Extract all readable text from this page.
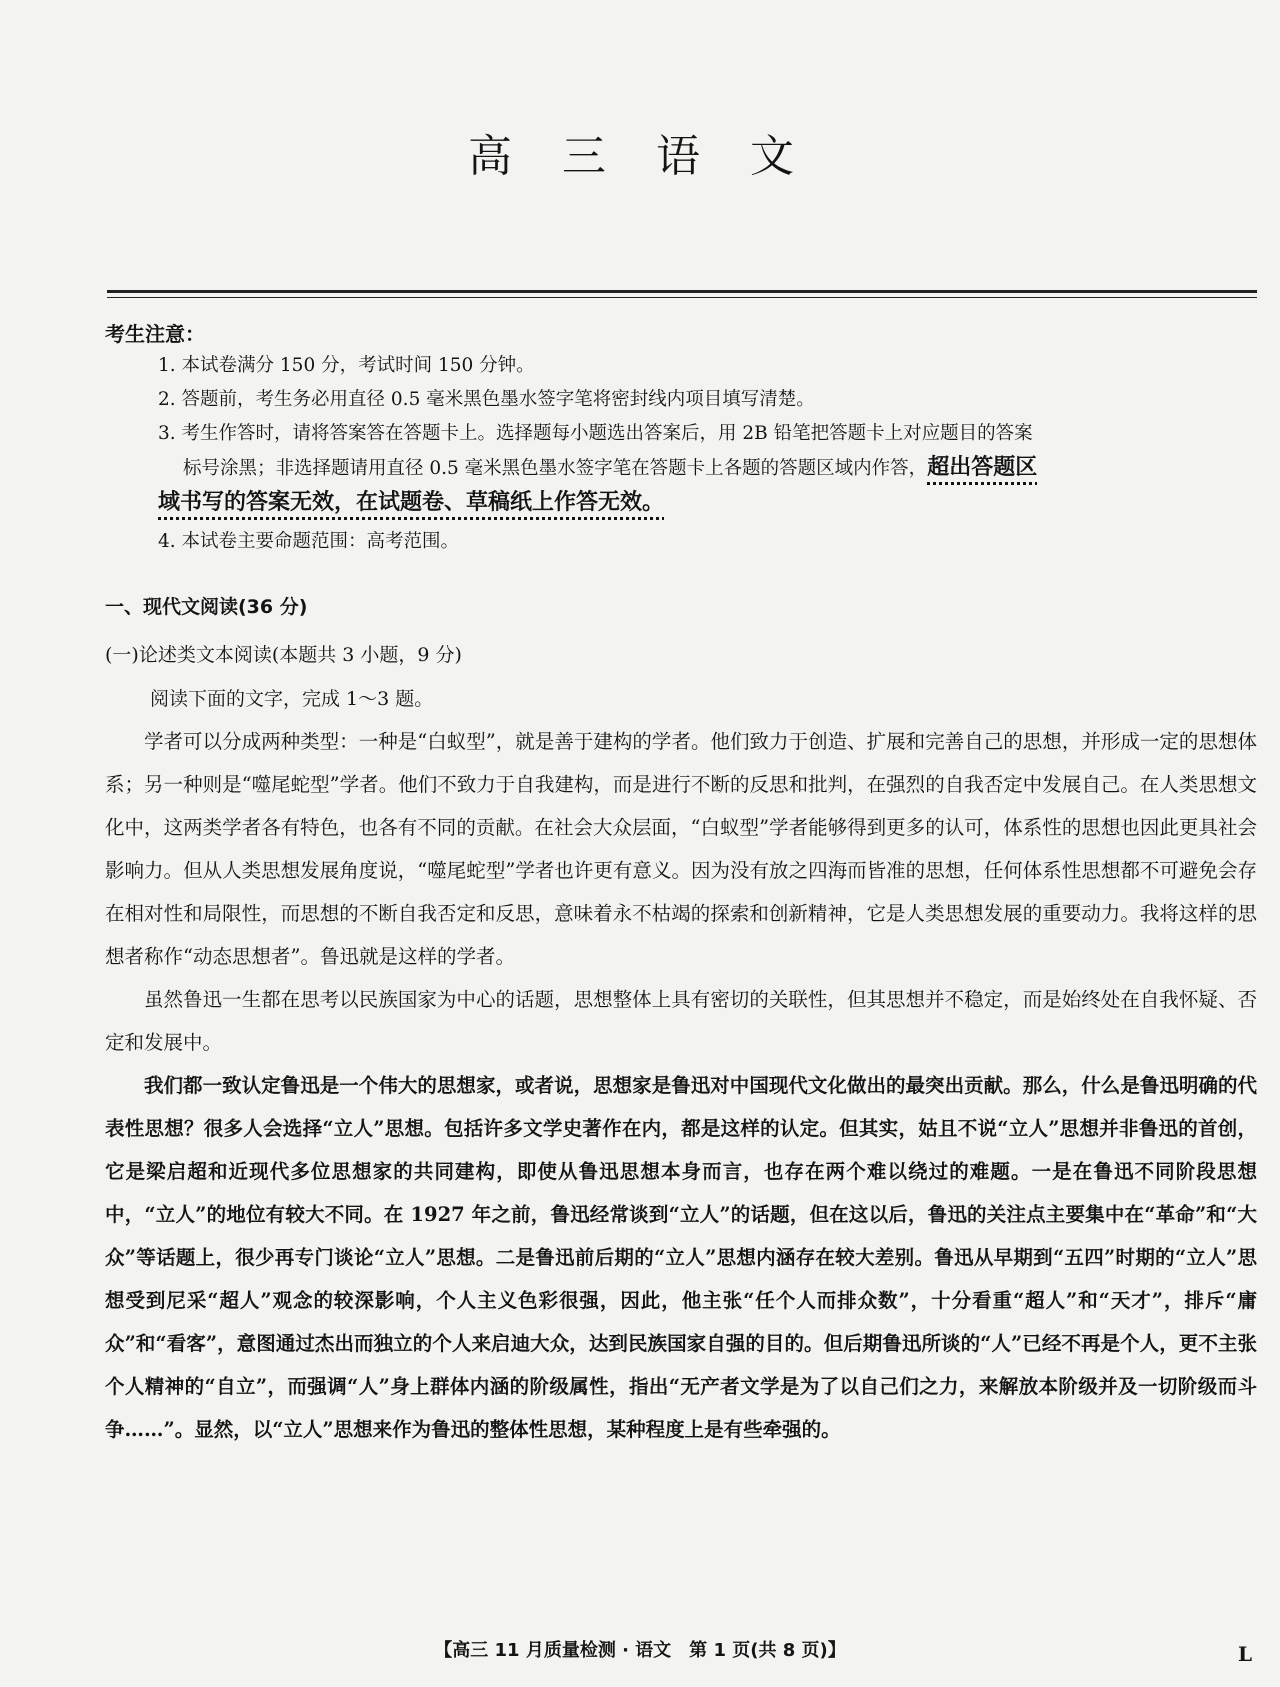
高 三 语 文
考生注意：

1. 本试卷满分 150 分，考试时间 150 分钟。

2. 答题前，考生务必用直径 0.5 毫米黑色墨水签字笔将密封线内项目填写清楚。

3. 考生作答时，请将答案答在答题卡上。选择题每小题选出答案后，用 2B 铅笔把答题卡上对应题目的答案
标号涂黑；非选择题请用直径 0.5 毫米黑色墨水签字笔在答题卡上各题的答题区域内作答，超出答题区
域书写的答案无效，在试题卷、草稿纸上作答无效。

4. 本试卷主要命题范围：高考范围。

一、现代文阅读(36 分)
(一)论述类文本阅读(本题共 3 小题，9 分)
阅读下面的文字，完成 1～3 题。

学者可以分成两种类型：一种是“白蚁型”，就是善于建构的学者。他们致力于创造、扩展和完善自己的思想，并形成一定的思想体系；另一种则是“噬尾蛇型”学者。他们不致力于自我建构，而是进行不断的反思和批判，在强烈的自我否定中发展自己。在人类思想文化中，这两类学者各有特色，也各有不同的贡献。在社会大众层面，“白蚁型”学者能够得到更多的认可，体系性的思想也因此更具社会影响力。但从人类思想发展角度说，“噬尾蛇型”学者也许更有意义。因为没有放之四海而皆准的思想，任何体系性思想都不可避免会存在相对性和局限性，而思想的不断自我否定和反思，意味着永不枯竭的探索和创新精神，它是人类思想发展的重要动力。我将这样的思想者称作“动态思想者”。鲁迅就是这样的学者。

虽然鲁迅一生都在思考以民族国家为中心的话题，思想整体上具有密切的关联性，但其思想并不稳定，而是始终处在自我怀疑、否定和发展中。

我们都一致认定鲁迅是一个伟大的思想家，或者说，思想家是鲁迅对中国现代文化做出的最突出贡献。那么，什么是鲁迅明确的代表性思想？很多人会选择“立人”思想。包括许多文学史著作在内，都是这样的认定。但其实，姑且不说“立人”思想并非鲁迅的首创，它是梁启超和近现代多位思想家的共同建构，即使从鲁迅思想本身而言，也存在两个难以绕过的难题。一是在鲁迅不同阶段思想中，“立人”的地位有较大不同。在 1927 年之前，鲁迅经常谈到“立人”的话题，但在这以后，鲁迅的关注点主要集中在“革命”和“大众”等话题上，很少再专门谈论“立人”思想。二是鲁迅前后期的“立人”思想内涵存在较大差别。鲁迅从早期到“五四”时期的“立人”思想受到尼采“超人”观念的较深影响，个人主义色彩很强，因此，他主张“任个人而排众数”，十分看重“超人”和“天才”，排斥“庸众”和“看客”，意图通过杰出而独立的个人来启迪大众，达到民族国家自强的目的。但后期鲁迅所谈的“人”已经不再是个人，更不主张个人精神的“自立”，而强调“人”身上群体内涵的阶级属性，指出“无产者文学是为了以自己们之力，来解放本阶级并及一切阶级而斗争……”。显然，以“立人”思想来作为鲁迅的整体性思想，某种程度上是有些牵强的。

【高三 11 月质量检测 · 语文　第 1 页(共 8 页)】	L
